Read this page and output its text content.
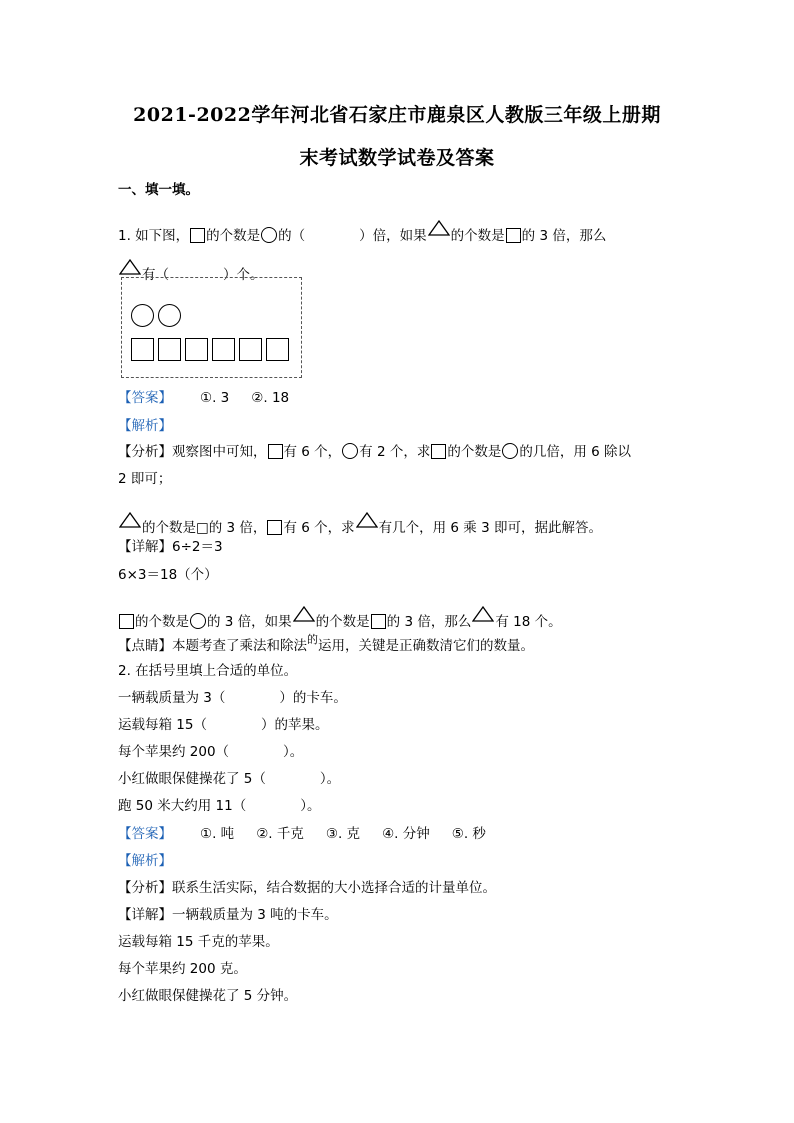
2021-2022学年河北省石家庄市鹿泉区人教版三年级上册期
末考试数学试卷及答案
一、填一填。
1. 如下图， 的个数是 的（　　　　）倍，如果 的个数是 的 3 倍，那么
有（　　　　）个。
【答案】 ①. 3 ②. 18
【解析】
【分析】观察图中可知， 有 6 个， 有 2 个，求 的个数是 的几倍，用 6 除以
2 即可；
的个数是□的 3 倍， 有 6 个，求 有几个，用 6 乘 3 即可，据此解答。
【详解】6÷2＝3
6×3＝18（个）
的个数是 的 3 倍，如果 的个数是 的 3 倍，那么 有 18 个。
【点睛】本题考查了乘法和除法$^的$运用，关键是正确数清它们的数量。
2. 在括号里填上合适的单位。
一辆载质量为 3（　　　　）的卡车。
运载每箱 15（　　　　）的苹果。
每个苹果约 200（　　　　）。
小红做眼保健操花了 5（　　　　）。
跑 50 米大约用 11（　　　　）。
【答案】 ①. 吨 ②. 千克 ③. 克 ④. 分钟 ⑤. 秒
【解析】
【分析】联系生活实际，结合数据的大小选择合适的计量单位。
【详解】一辆载质量为 3 吨的卡车。
运载每箱 15 千克的苹果。
每个苹果约 200 克。
小红做眼保健操花了 5 分钟。
